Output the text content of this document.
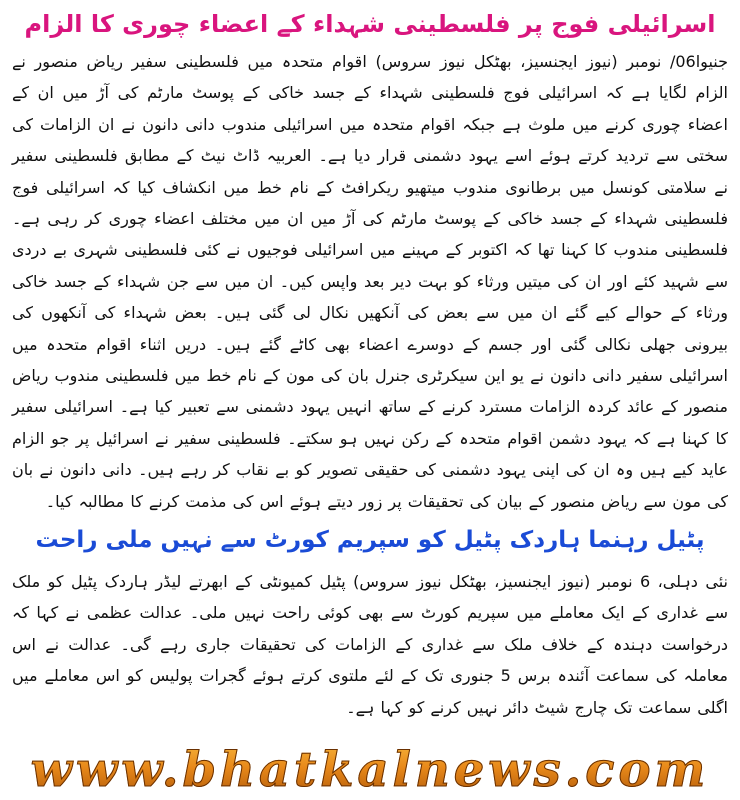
اسرائیلی فوج پر فلسطینی شہداء کے اعضاء چوری کا الزام
جنیوا06/ نومبر (نیوز ایجنسیز، بھٹکل نیوز سروس) اقوام متحدہ میں فلسطینی سفیر ریاض منصور نے الزام لگایا ہے کہ اسرائیلی فوج فلسطینی شہداء کے جسد خاکی کے پوسٹ مارٹم کی آڑ میں ان کے اعضاء چوری کرنے میں ملوث ہے جبکہ اقوام متحدہ میں اسرائیلی مندوب دانی دانون نے ان الزامات کی سختی سے تردید کرتے ہوئے اسے یہود دشمنی قرار دیا ہے۔ العربیہ ڈاٹ نیٹ کے مطابق فلسطینی سفیر نے سلامتی کونسل میں برطانوی مندوب میتھیو ریکرافٹ کے نام خط میں انکشاف کیا کہ اسرائیلی فوج فلسطینی شہداء کے جسد خاکی کے پوسٹ مارٹم کی آڑ میں ان میں مختلف اعضاء چوری کر رہی ہے۔ فلسطینی مندوب کا کہنا تھا کہ اکتوبر کے مہینے میں اسرائیلی فوجیوں نے کئی فلسطینی شہری بے دردی سے شہید کئے اور ان کی میتیں ورثاء کو بہت دیر بعد واپس کیں۔ ان میں سے جن شہداء کے جسد خاکی ورثاء کے حوالے کیے گئے ان میں سے بعض کی آنکھیں نکال لی گئی ہیں۔ بعض شہداء کی آنکھوں کی بیرونی جھلی نکالی گئی اور جسم کے دوسرے اعضاء بھی کاٹے گئے ہیں۔ دریں اثناء اقوام متحدہ میں اسرائیلی سفیر دانی دانون نے یو این سیکرٹری جنرل بان کی مون کے نام خط میں فلسطینی مندوب ریاض منصور کے عائد کردہ الزامات مسترد کرنے کے ساتھ انہیں یہود دشمنی سے تعبیر کیا ہے۔ اسرائیلی سفیر کا کہنا ہے کہ یہود دشمن اقوام متحدہ کے رکن نہیں ہو سکتے۔ فلسطینی سفیر نے اسرائیل پر جو الزام عاید کیے ہیں وہ ان کی اپنی یہود دشمنی کی حقیقی تصویر کو بے نقاب کر رہے ہیں۔ دانی دانون نے بان کی مون سے ریاض منصور کے بیان کی تحقیقات پر زور دیتے ہوئے اس کی مذمت کرنے کا مطالبہ کیا۔
پٹیل رہنما ہاردک پٹیل کو سپریم کورٹ سے نہیں ملی راحت
نئی دہلی، 6 نومبر (نیوز ایجنسیز، بھٹکل نیوز سروس) پٹیل کمیونٹی کے ابھرتے لیڈر ہاردک پٹیل کو ملک سے غداری کے ایک معاملے میں سپریم کورٹ سے بھی کوئی راحت نہیں ملی۔ عدالت عظمی نے کہا کہ درخواست دہندہ کے خلاف ملک سے غداری کے الزامات کی تحقیقات جاری رہے گی۔ عدالت نے اس معاملہ کی سماعت آئندہ برس 5 جنوری تک کے لئے ملتوی کرتے ہوئے گجرات پولیس کو اس معاملے میں اگلی سماعت تک چارج شیٹ دائر نہیں کرنے کو کہا ہے۔
www.bhatkalnews.com
